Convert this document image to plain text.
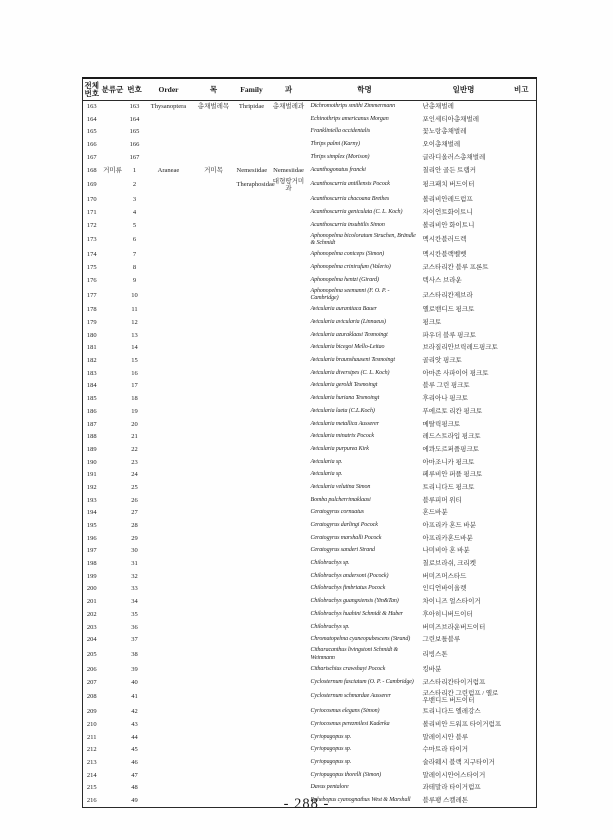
전체번호	분류군	번호	Order	목	Family	과	학명	일반명	비고
163		163	Thysanoptera	총채벌레목	Thripidae	총채벌레과	Dichromothrips smithi Zimmermann	난총채벌레	
164		164					Echinothrips americanus Morgan	포인세티아총채벌레	
165		165					Frankliniella occidentalis	꽃노랑총채벌레	
166		166					Thrips palmi (Karny)	오이총채벌레	
167		167					Thrips simplex (Morison)	글라디올러스총채벌레	
168	거미류	1	Araneae	거미목	Nemesiidae	Nemesiidae	Acanthogonatus francki	칠리안 골든 트랩커	
169		2			Theraphosidae	대형땅거미과	Acanthoscurria antillensis Pocock	핑크패치 버드이터	
170		3					Acanthoscurria chacoana Brethes	볼리비안레드럼프	
171		4					Acanthoscurria geniculata (C. L. Koch)	자이언트화이트니	
172		5					Acanthoscurria insubtilis Simon	볼리비안 화이트니	
173		6					Aphonopelma bicoloratum Struchen, Brändle & Schmidt	멕시칸블러드렉	
174		7					Aphonopelma coniceps (Simon)	멕시칸블랙벨벳	
175		8					Aphonopelma crinirufum (Valerio)	코스타리칸 블루 프론트	
176		9					Aphonopelma hentzi (Girard)	텍사스 브라운	
177		10					Aphonopelma seemanni (F. O. P. - Cambridge)	코스타리칸제브라	
178		11					Avicularia aurantiaca Bauer	옐로밴디드 핑크토	
179		12					Avicularia avicularia (Linnaeus)	핑크토	
180		13					Avicularia azuraklaasi Tesmoingt	파우더 블루 핑크토	
181		14					Avicularia bicegoi Mello-Leitao	브라질리안브릭레드핑크토	
182		15					Avicularia braunshauseni Tesmoingt	골리앗 핑크토	
183		16					Avicularia diversipes (C. L. Koch)	아마존 사파이어 핑크토	
184		17					Avicularia geroldi Tesmoingt	블루 그린 핑크토	
185		18					Avicularia huriana Tesmoingt	후리아나 핑크토	
186		19					Avicularia laeta (C.L.Koch)	푸에르토 리칸 핑크토	
187		20					Avicularia metallica Ausserer	메탈릭핑크토	
188		21					Avicularia minatrix Pocock	레드스트라입 핑크토	
189		22					Avicularia purpurea Kirk	에콰도르퍼플핑크토	
190		23					Avicularia sp.	아마조니카 핑크토	
191		24					Avicularia sp.	페루비안 퍼플 핑크토	
192		25					Avicularia velutina Simon	트리니다드 핑크토	
193		26					Bomba pulcherrimaklaasi	블루피머 위티	
194		27					Ceratogyrus cornuatus	혼드바분	
195		28					Ceratogyrus darlingi Pocock	아프리카 혼드 바분	
196		29					Ceratogyrus marshalli Pocock	아프리카혼드바분	
197		30					Ceratogyrus sanderi Strand	나미비아 혼 바분	
198		31					Chilobrachys sp.	칠로브라쉬, 크리켓	
199		32					Chilobrachys andersoni (Pocock)	버미즈머스타드	
200		33					Chilobrachys fimbriatus Pocock	인디언바이올렛	
201		34					Chilobrachys guangxiensis (Yin&Tan)	차이니즈 얼스타이거	
202		35					Chilobrachys huahini Schmidt & Huber	후아히니버드이터	
203		36					Chilobrachys sp.	버미즈브라운버드이터	
204		37					Chromatopelma cyaneopubescens (Strand)	그린보틀블루	
205		38					Citharacanthus livingstoni Schmidt & Weinmann	리빙스톤	
206		39					Citharischius crawshayi Pocock	킹바분	
207		40					Cyclosternum fasciatum (O. P. - Cambridge)	코스타리칸타이거럼프	
208		41					Cyclosternum schmardae Ausserer	코스타리칸 그린럼프 / 옐로우밴디드 버드이터	
209		42					Cyriocosmus elegans (Simon)	트리니다드 엘레강스	
210		43					Cyriocosmus perezmilesi Kaderka	볼리비안 드워프 타이거럼프	
211		44					Cyriopagopus sp.	말레이시안 블루	
212		45					Cyriopagopus sp.	수마트라 타이거	
213		46					Cyriopagopus sp.	술라웨시 블랙 지구타이거	
214		47					Cyriopagopus thorelli (Simon)	말레이시안어스타이거	
215		48					Davus pentalore	과테말라 타이거럼프	
216		49					Ephebopus cyanognathus West & Marshall	블루팽 스켈레톤	
- 288 -
